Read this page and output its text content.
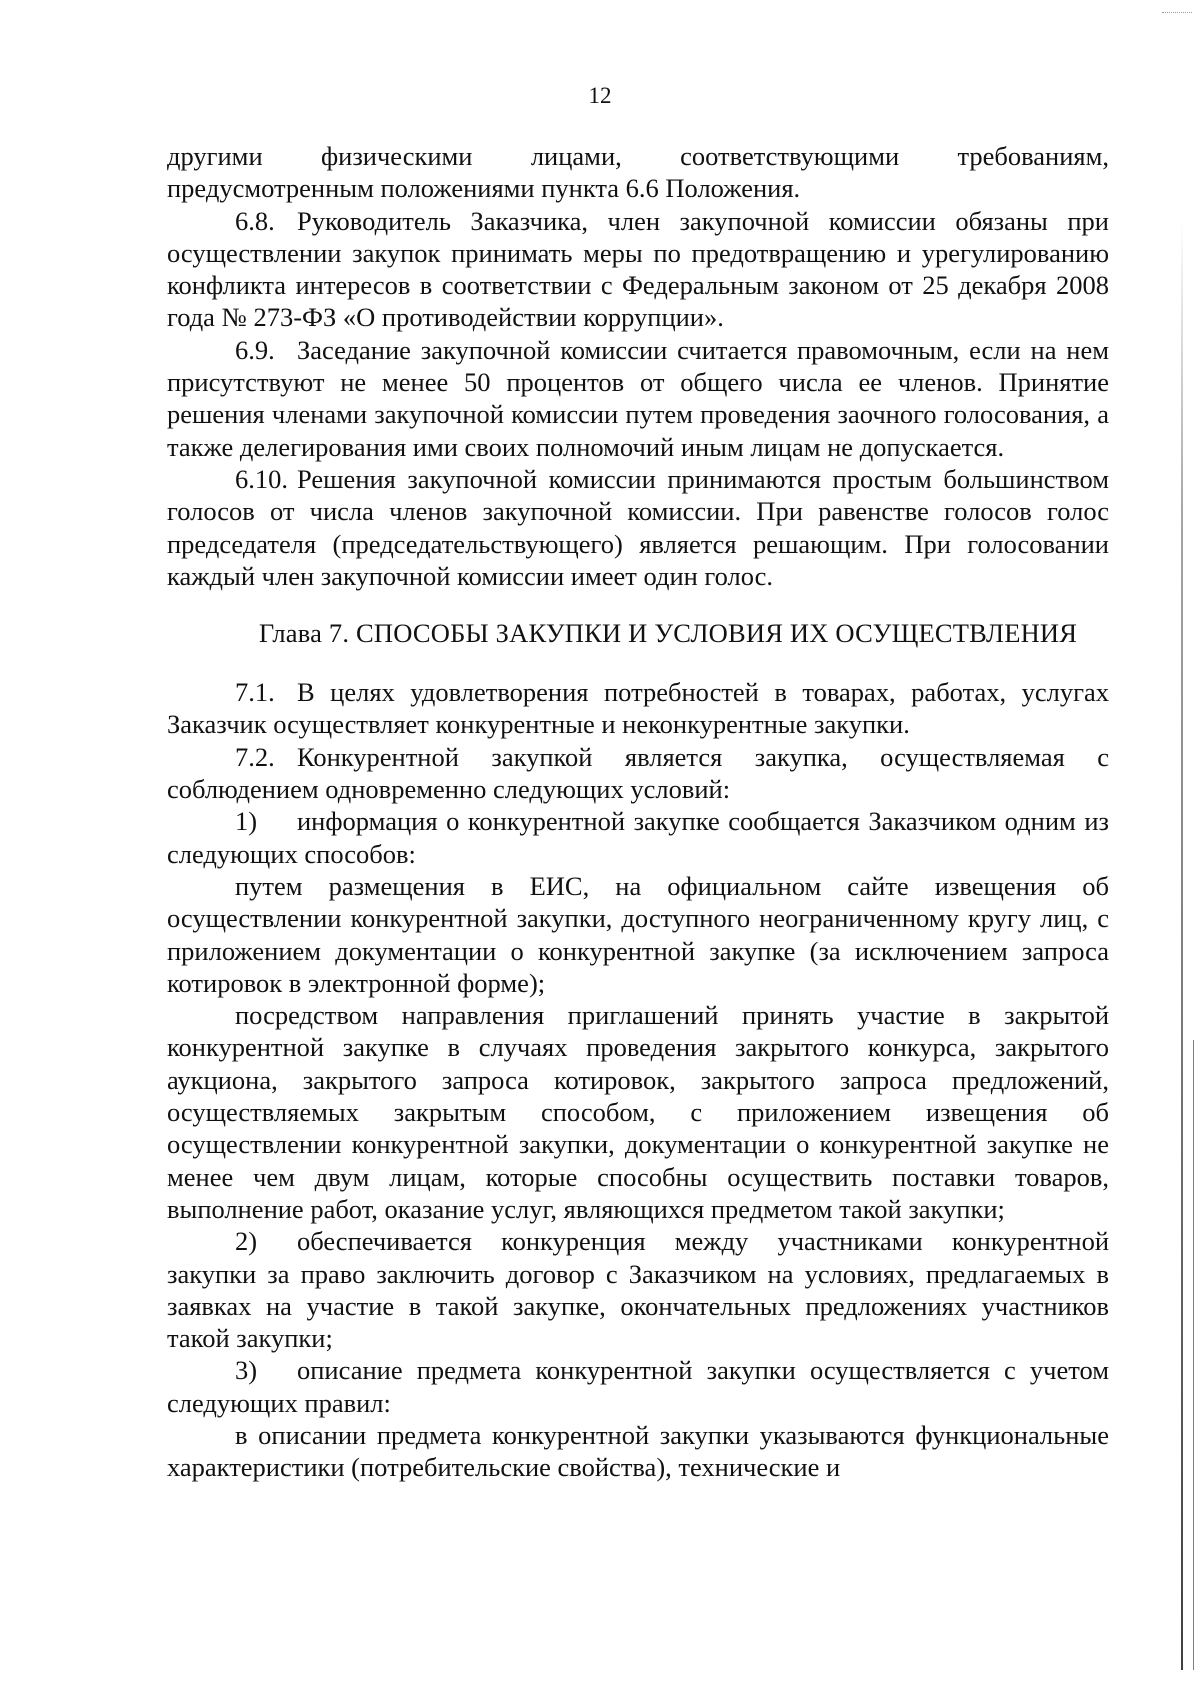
12

другими физическими лицами, соответствующими требованиям, предусмотренным положениями пункта 6.6 Положения.

6.8. Руководитель Заказчика, член закупочной комиссии обязаны при осуществлении закупок принимать меры по предотвращению и урегулированию конфликта интересов в соответствии с Федеральным законом от 25 декабря 2008 года № 273-ФЗ «О противодействии коррупции».

6.9. Заседание закупочной комиссии считается правомочным, если на нем присутствуют не менее 50 процентов от общего числа ее членов. Принятие решения членами закупочной комиссии путем проведения заочного голосования, а также делегирования ими своих полномочий иным лицам не допускается.

6.10. Решения закупочной комиссии принимаются простым большинством голосов от числа членов закупочной комиссии. При равенстве голосов голос председателя (председательствующего) является решающим. При голосовании каждый член закупочной комиссии имеет один голос.

Глава 7. СПОСОБЫ ЗАКУПКИ И УСЛОВИЯ ИХ ОСУЩЕСТВЛЕНИЯ

7.1. В целях удовлетворения потребностей в товарах, работах, услугах Заказчик осуществляет конкурентные и неконкурентные закупки.

7.2. Конкурентной закупкой является закупка, осуществляемая с соблюдением одновременно следующих условий:

1) информация о конкурентной закупке сообщается Заказчиком одним из следующих способов:

путем размещения в ЕИС, на официальном сайте извещения об осуществлении конкурентной закупки, доступного неограниченному кругу лиц, с приложением документации о конкурентной закупке (за исключением запроса котировок в электронной форме);

посредством направления приглашений принять участие в закрытой конкурентной закупке в случаях проведения закрытого конкурса, закрытого аукциона, закрытого запроса котировок, закрытого запроса предложений, осуществляемых закрытым способом, с приложением извещения об осуществлении конкурентной закупки, документации о конкурентной закупке не менее чем двум лицам, которые способны осуществить поставки товаров, выполнение работ, оказание услуг, являющихся предметом такой закупки;

2) обеспечивается конкуренция между участниками конкурентной закупки за право заключить договор с Заказчиком на условиях, предлагаемых в заявках на участие в такой закупке, окончательных предложениях участников такой закупки;

3) описание предмета конкурентной закупки осуществляется с учетом следующих правил:

в описании предмета конкурентной закупки указываются функциональные характеристики (потребительские свойства), технические и
